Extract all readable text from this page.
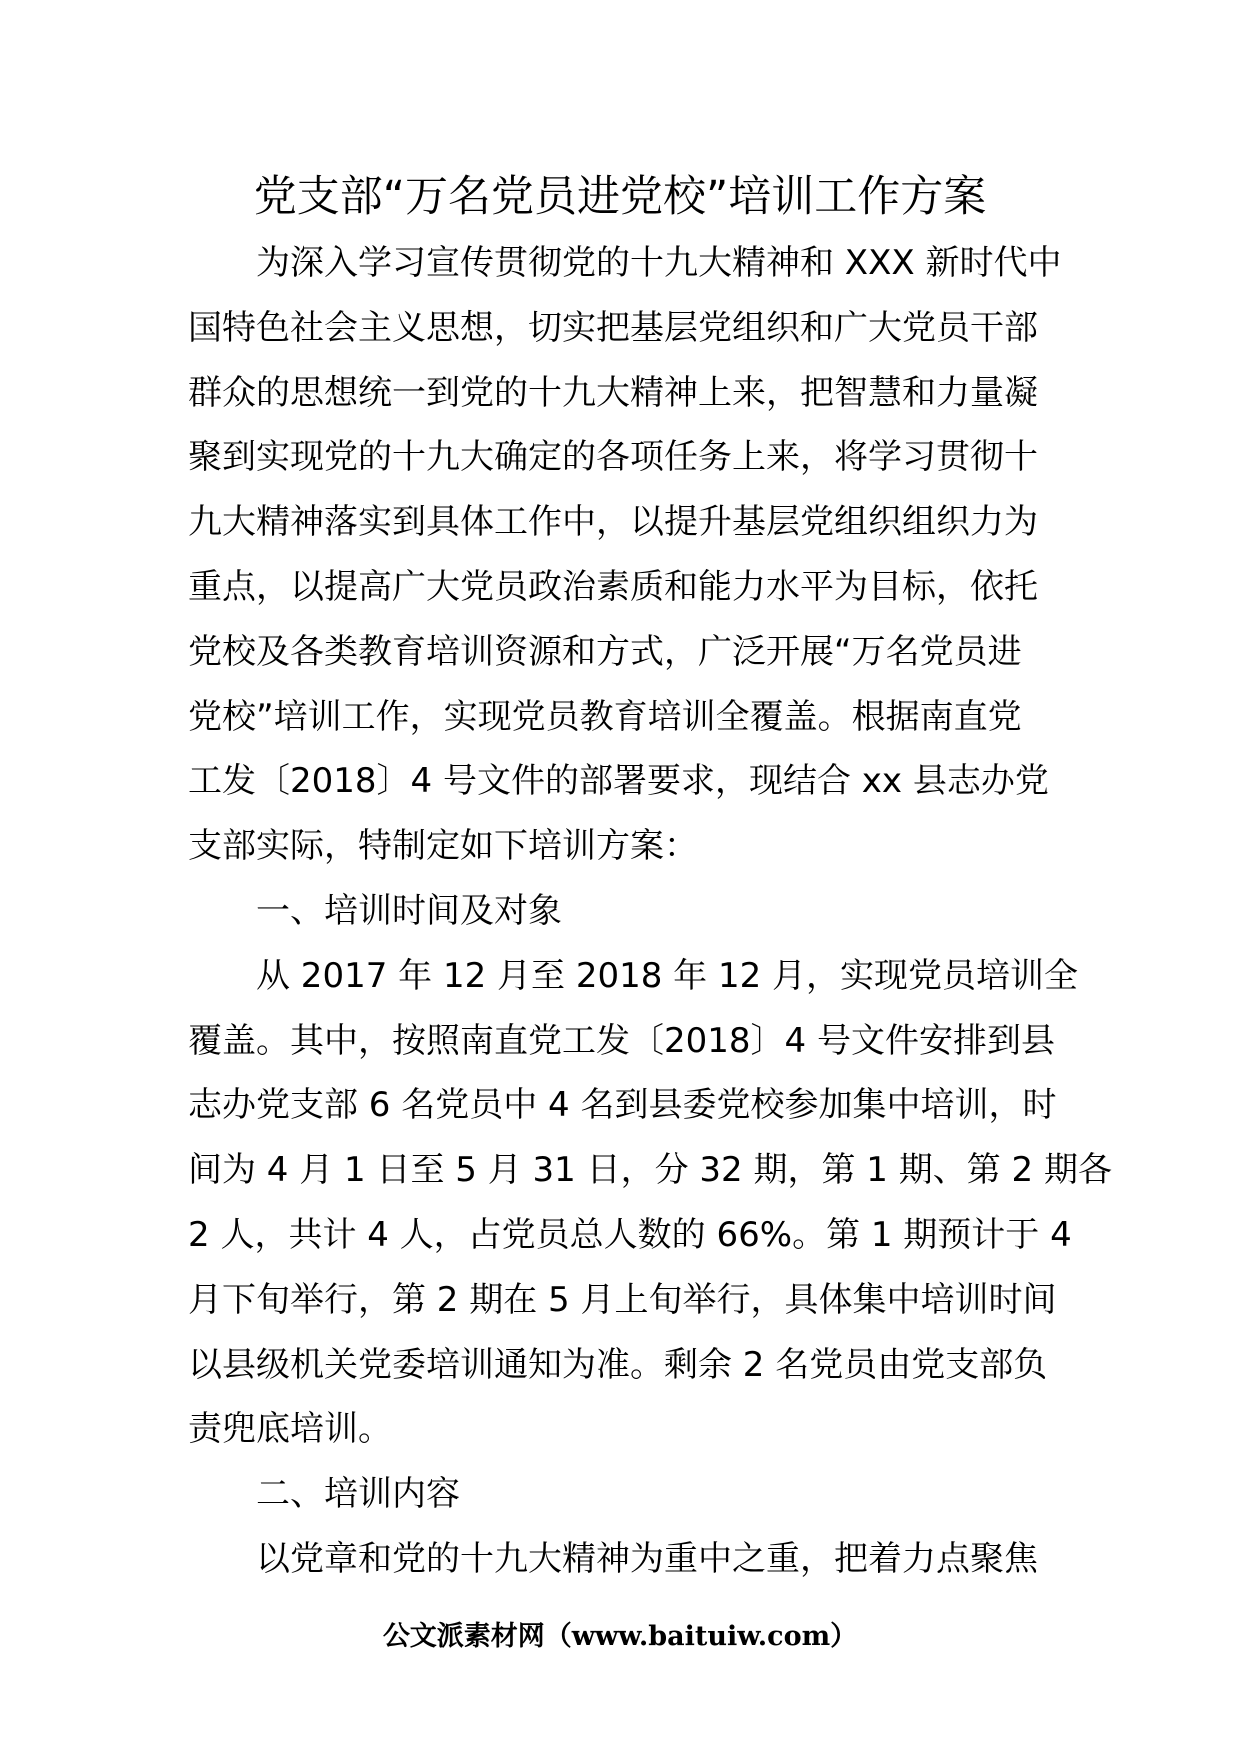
党支部“万名党员进党校”培训工作方案

为深入学习宣传贯彻党的十九大精神和 XXX 新时代中

国特色社会主义思想，切实把基层党组织和广大党员干部

群众的思想统一到党的十九大精神上来，把智慧和力量凝

聚到实现党的十九大确定的各项任务上来，将学习贯彻十

九大精神落实到具体工作中，以提升基层党组织组织力为

重点，以提高广大党员政治素质和能力水平为目标，依托

党校及各类教育培训资源和方式，广泛开展“万名党员进

党校”培训工作，实现党员教育培训全覆盖。根据南直党

工发〔2018〕4 号文件的部署要求，现结合 xx 县志办党

支部实际，特制定如下培训方案：

一、培训时间及对象

从 2017 年 12 月至 2018 年 12 月，实现党员培训全

覆盖。其中，按照南直党工发〔2018〕4 号文件安排到县

志办党支部 6 名党员中 4 名到县委党校参加集中培训，时

间为 4 月 1 日至 5 月 31 日，分 32 期，第 1 期、第 2 期各

2 人，共计 4 人，占党员总人数的 66%。第 1 期预计于 4

月下旬举行，第 2 期在 5 月上旬举行，具体集中培训时间

以县级机关党委培训通知为准。剩余 2 名党员由党支部负

责兜底培训。

二、培训内容

以党章和党的十九大精神为重中之重，把着力点聚焦

公文派素材网（www.baituiw.com）
